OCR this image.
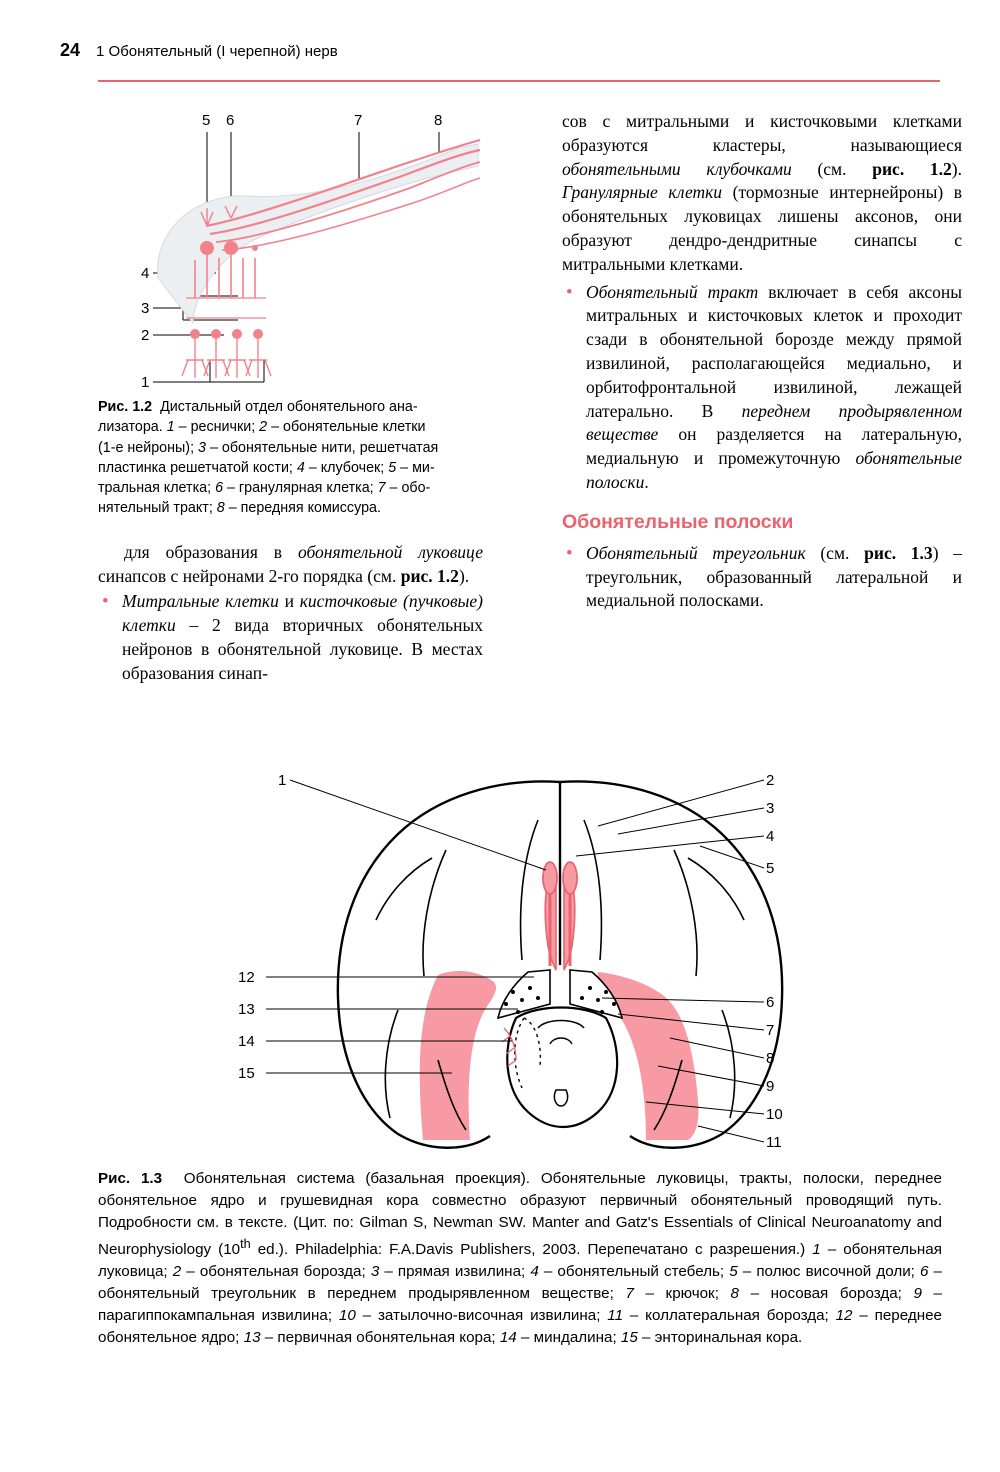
24 1 Обонятельный (I черепной) нерв
5 6	7	8
4
3
2
1
Рис. 1.2 Дистальный отдел обонятельного ана-
лизатора. 1 – реснички; 2 – обонятельные клетки
(1-е нейроны); 3 – обонятельные нити, решетчатая
пластинка решетчатой кости; 4 – клубочек; 5 – ми-
тральная клетка; 6 – гранулярная клетка; 7 – обо-
нятельный тракт; 8 – передняя комиссура.

для образования в обонятельной луковице синапсов с нейронами 2-го порядка (см. рис. 1.2).

• Митральные клетки и кисточковые (пучковые) клетки – 2 вида вторичных обонятельных нейронов в обонятельной луковице. В местах образования синап-

сов с митральными и кисточковыми клетками образуются кластеры, называющиеся обонятельными клубочками (см. рис. 1.2). Гранулярные клетки (тормозные интернейроны) в обонятельных луковицах лишены аксонов, они образуют дендро-дендритные синапсы с митральными клетками.

• Обонятельный тракт включает в себя аксоны митральных и кисточковых клеток и проходит сзади в обонятельной борозде между прямой извилиной, располагающейся медиально, и орбитофронтальной извилиной, лежащей латерально. В переднем продырявленном веществе он разделяется на латеральную, медиальную и промежуточную обонятельные полоски.
Обонятельные полоски
• Обонятельный треугольник (см. рис. 1.3) – треугольник, образованный латеральной и медиальной полосками.
1
12
13
14
15
2
3
4
5
6
7
8
9
10
11
Рис. 1.3 Обонятельная система (базальная проекция). Обонятельные луковицы, тракты, полоски, переднее обонятельное ядро и грушевидная кора совместно образуют первичный обонятельный проводящий путь. Подробности см. в тексте. (Цит. по: Gilman S, Newman SW. Manter and Gatz's Essentials of Clinical Neuroanatomy and Neurophysiology (10th ed.). Philadelphia: F.A.Davis Publishers, 2003. Перепечатано с разрешения.) 1 – обонятельная луковица; 2 – обонятельная борозда; 3 – прямая извилина; 4 – обонятельный стебель; 5 – полюс височной доли; 6 – обонятельный треугольник в переднем продырявленном веществе; 7 – крючок; 8 – носовая борозда; 9 – парагиппокампальная извилина; 10 – затылочно-височная извилина; 11 – коллатеральная борозда; 12 – переднее обонятельное ядро; 13 – первичная обонятельная кора; 14 – миндалина; 15 – энторинальная кора.
